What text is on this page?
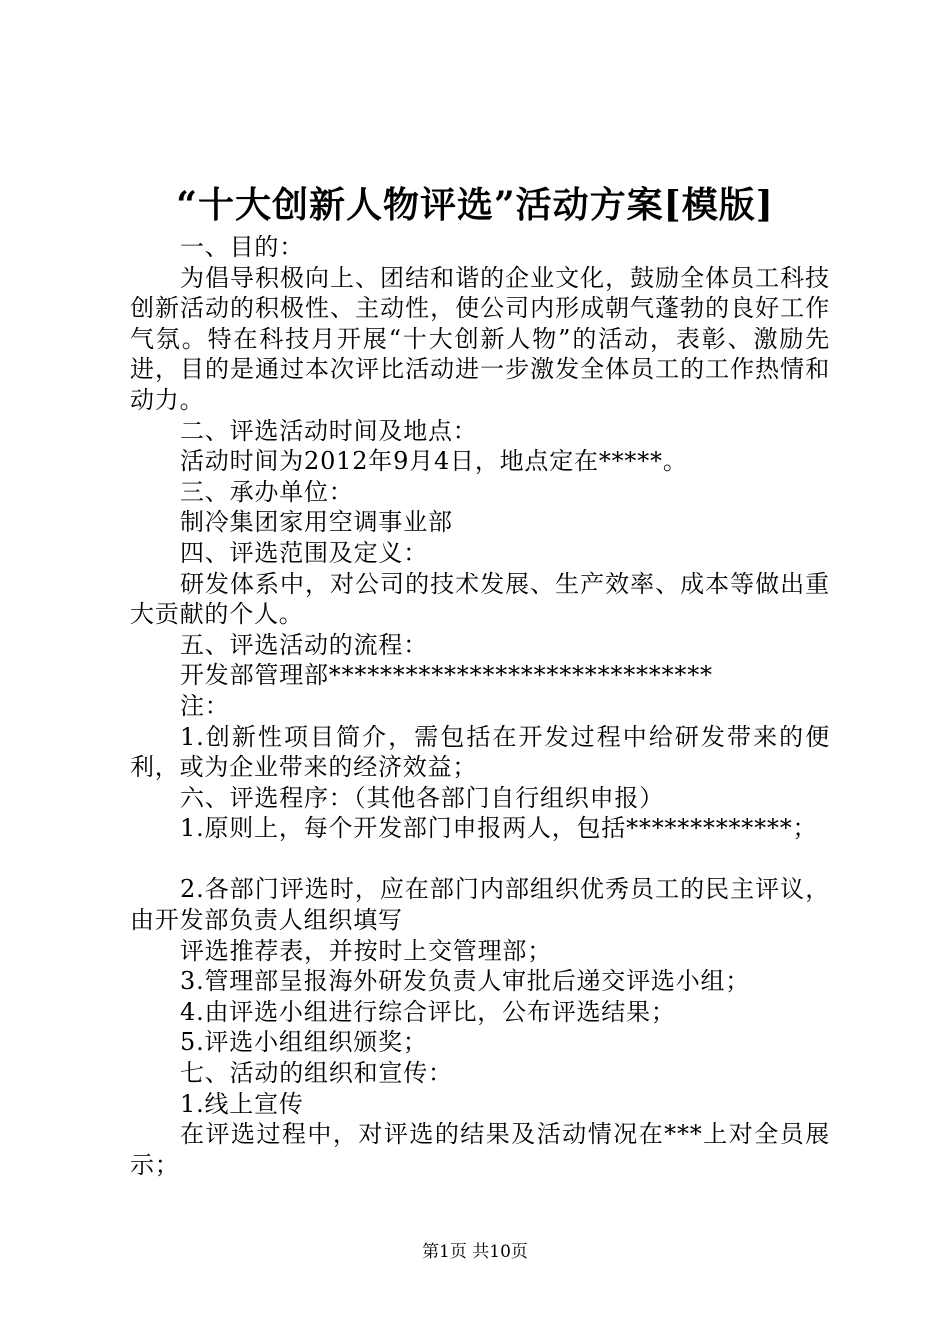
“十大创新人物评选”活动方案[模版]

一、目的：

为倡导积极向上、团结和谐的企业文化，鼓励全体员工科技创新活动的积极性、主动性，使公司内形成朝气蓬勃的良好工作气氛。特在科技月开展“十大创新人物”的活动，表彰、激励先进，目的是通过本次评比活动进一步激发全体员工的工作热情和动力。

二、评选活动时间及地点：

活动时间为2012年9月4日，地点定在*****。

三、承办单位：

制冷集团家用空调事业部

四、评选范围及定义：

研发体系中，对公司的技术发展、生产效率、成本等做出重大贡献的个人。

五、评选活动的流程：

开发部管理部******************************

注：

1.创新性项目简介，需包括在开发过程中给研发带来的便利，或为企业带来的经济效益；

六、评选程序：（其他各部门自行组织申报）

1.原则上，每个开发部门申报两人，包括*************；

2.各部门评选时，应在部门内部组织优秀员工的民主评议，由开发部负责人组织填写

评选推荐表，并按时上交管理部；

3.管理部呈报海外研发负责人审批后递交评选小组；

4.由评选小组进行综合评比，公布评选结果；

5.评选小组组织颁奖；

七、活动的组织和宣传：

1.线上宣传

在评选过程中，对评选的结果及活动情况在***上对全员展示；

第1页 共10页
